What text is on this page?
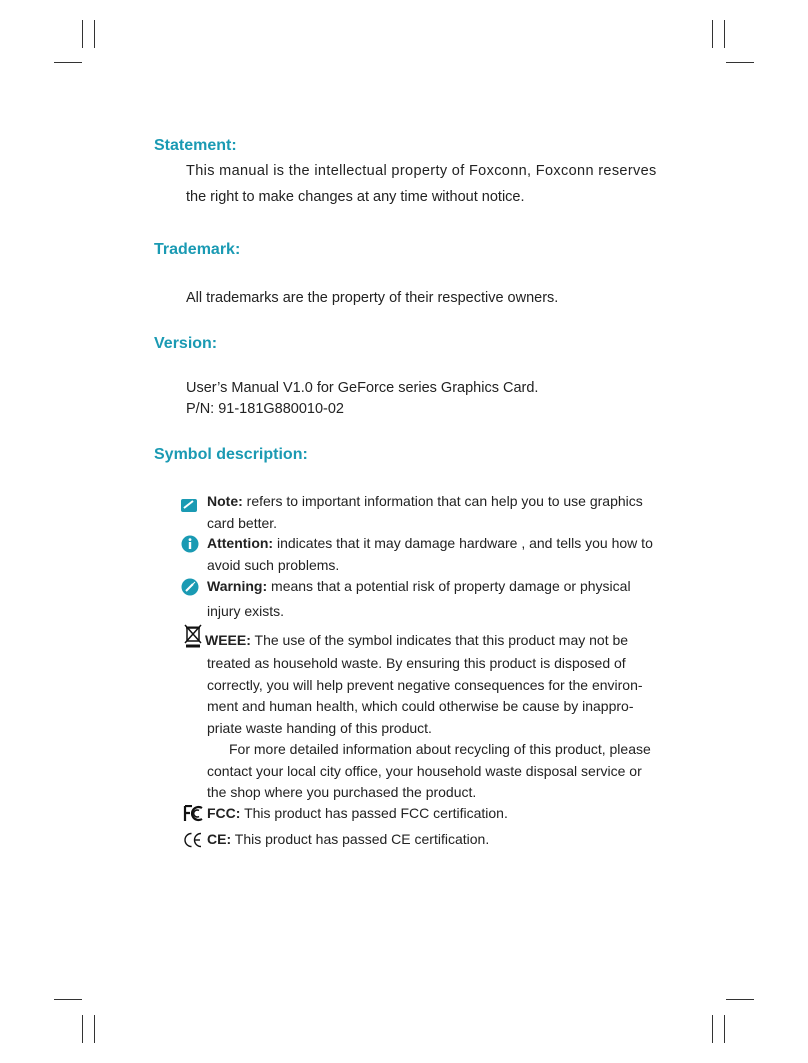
Statement:
This manual is the intellectual property of Foxconn, Foxconn reserves
the right to make changes at any time without notice.
Trademark:
All trademarks are the property of their respective owners.
Version:
User’s Manual V1.0 for GeForce series Graphics Card.
P/N: 91-181G880010-02
Symbol description:
Note: refers to important information that can help you to use graphics
card better.
Attention: indicates that it may damage hardware , and tells you how to
avoid such problems.
Warning: means that a potential risk of property damage or physical
injury exists.
WEEE: The use of the symbol indicates that this product may not be
treated as household waste. By ensuring this product is disposed of
correctly, you will help prevent negative consequences for the environ-
ment and human health, which could otherwise be cause by inappro-
priate waste handing of this product.
For more detailed information about recycling of this product, please
contact your local city office, your household waste disposal service or
the shop where you purchased the product.
FCC: This product has passed FCC certification.
CE: This product has passed CE certification.
